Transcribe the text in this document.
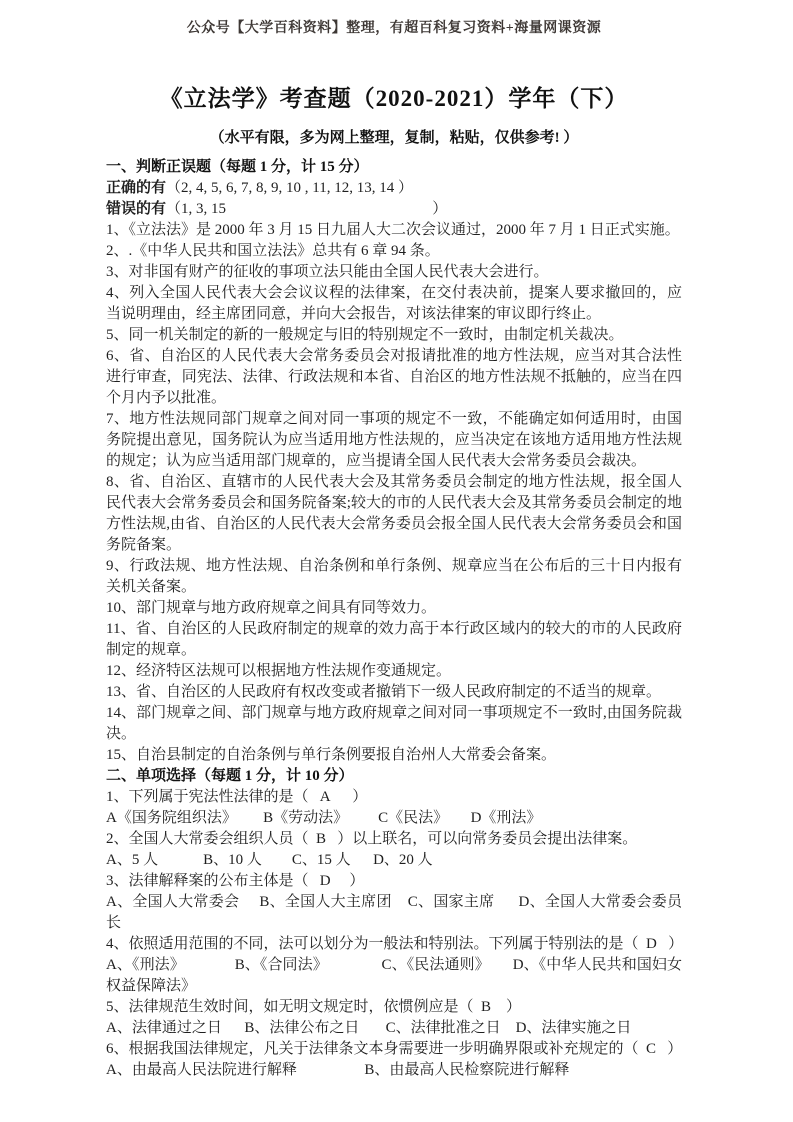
公众号【大学百科资料】整理，有超百科复习资料+海量网课资源
《立法学》考查题（2020-2021）学年（下）
（水平有限，多为网上整理，复制，粘贴，仅供参考! ）

一、判断正误题（每题 1 分，计 15 分）

正确的有（2, 4, 5, 6, 7, 8, 9, 10 , 11, 12, 13, 14 ）

错误的有（1, 3, 15                                                       ）

1、《立法法》是 2000 年 3 月 15 日九届人大二次会议通过，2000 年 7 月 1 日正式实施。

2、.《中华人民共和国立法法》总共有 6 章 94 条。

3、对非国有财产的征收的事项立法只能由全国人民代表大会进行。

4、列入全国人民代表大会会议议程的法律案，在交付表决前，提案人要求撤回的，应当说明理由，经主席团同意，并向大会报告，对该法律案的审议即行终止。

5、同一机关制定的新的一般规定与旧的特别规定不一致时，由制定机关裁决。

6、省、自治区的人民代表大会常务委员会对报请批准的地方性法规，应当对其合法性进行审查，同宪法、法律、行政法规和本省、自治区的地方性法规不抵触的，应当在四个月内予以批准。

7、地方性法规同部门规章之间对同一事项的规定不一致，不能确定如何适用时，由国务院提出意见，国务院认为应当适用地方性法规的，应当决定在该地方适用地方性法规的规定；认为应当适用部门规章的，应当提请全国人民代表大会常务委员会裁决。

8、省、自治区、直辖市的人民代表大会及其常务委员会制定的地方性法规，报全国人民代表大会常务委员会和国务院备案;较大的市的人民代表大会及其常务委员会制定的地方性法规,由省、自治区的人民代表大会常务委员会报全国人民代表大会常务委员会和国务院备案。

9、行政法规、地方性法规、自治条例和单行条例、规章应当在公布后的三十日内报有关机关备案。

10、部门规章与地方政府规章之间具有同等效力。

11、省、自治区的人民政府制定的规章的效力高于本行政区域内的较大的市的人民政府制定的规章。

12、经济特区法规可以根据地方性法规作变通规定。

13、省、自治区的人民政府有权改变或者撤销下一级人民政府制定的不适当的规章。

14、部门规章之间、部门规章与地方政府规章之间对同一事项规定不一致时,由国务院裁决。

15、自治县制定的自治条例与单行条例要报自治州人大常委会备案。

二、单项选择（每题 1 分，计 10 分）

1、下列属于宪法性法律的是（   A      ）

A《国务院组织法》       B《劳动法》        C《民法》      D《刑法》

2、全国人大常委会组织人员（  B   ）以上联名，可以向常务委员会提出法律案。

A、5 人            B、10 人        C、15 人      D、20 人

3、法律解释案的公布主体是（   D     ）

A、全国人大常委会     B、全国人大主席团    C、国家主席      D、全国人大常委会委员长

4、依照适用范围的不同，法可以划分为一般法和特别法。下列属于特别法的是（  D   ）

A、《刑法》             B、《合同法》              C、《民法通则》      D、《中华人民共和国妇女权益保障法》

5、法律规范生效时间，如无明文规定时，依惯例应是（  B    ）

A、法律通过之日      B、法律公布之日       C、法律批准之日    D、法律实施之日

6、根据我国法律规定，凡关于法律条文本身需要进一步明确界限或补充规定的（  C   ）

A、由最高人民法院进行解释                  B、由最高人民检察院进行解释
